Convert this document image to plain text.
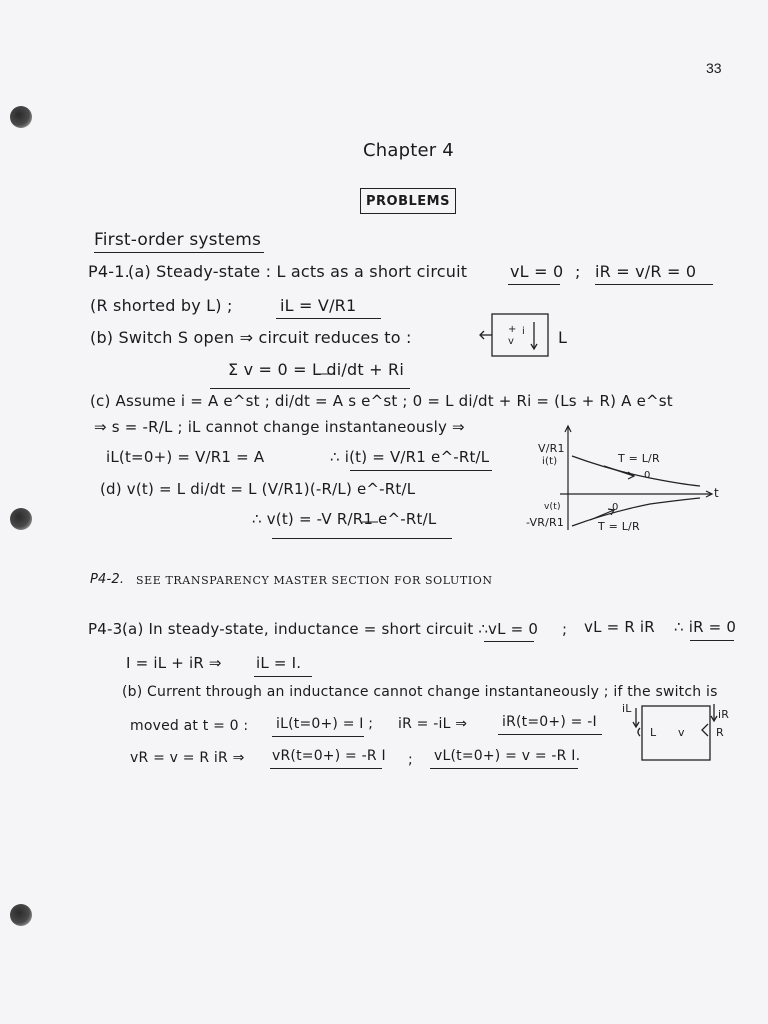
33
Chapter 4
PROBLEMS
First-order systems
P4-1.
(a) Steady-state : L acts as a short circuit	vL = 0 ; iR = v/R = 0
(R shorted by L) ;	iL = V/R1
(b) Switch S open ⇒ circuit reduces to :	L
Σ v = 0 = L di/dt + Ri
(c) Assume i = A e^st ; di/dt = A s e^st ; 0 = L di/dt + Ri = (Ls + R) A e^st
⇒ s = -R/L ; iL cannot change instantaneously ⇒
iL(t=0+) = V/R1 = A	∴ i(t) = V/R1 e^-Rt/L
(d) v(t) = L di/dt = L (V/R1)(-R/L) e^-Rt/L
∴ v(t) = -V R/R1 e^-Rt/L
V/R1
i(t)	T = L/R
0
t
v(t)
-VR/R1
0
T = L/R
P4-2. SEE TRANSPARENCY MASTER SECTION FOR SOLUTION
P4-3.
(a) In steady-state, inductance = short circuit ∴ vL = 0 ; vL = R iR ∴ iR = 0
I = iL + iR ⇒ iL = I.
(b) Current through an inductance cannot change instantaneously ; if the switch is
moved at t = 0 : iL(t=0+) = I ; iR = -iL ⇒ iR(t=0+) = -I
vR = v = R iR ⇒ vR(t=0+) = -R I ; vL(t=0+) = v = -R I.
iL	iR
L v	R
+
v
i
